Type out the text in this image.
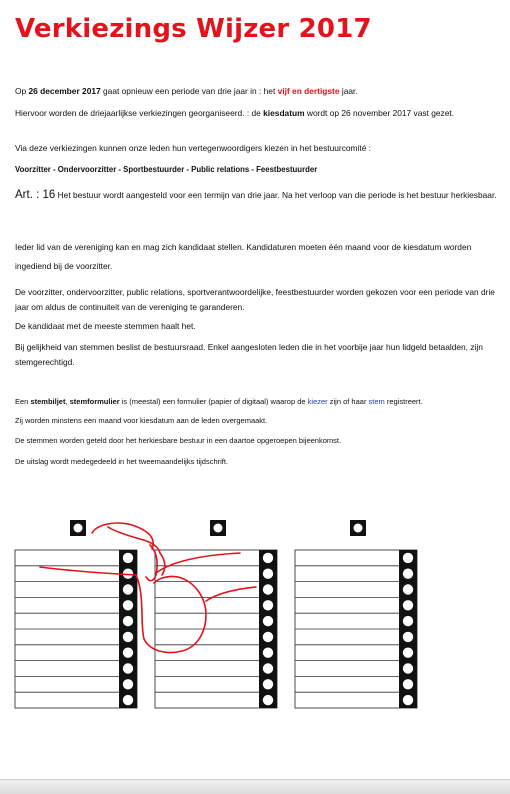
Verkiezings Wijzer 2017

Op 26 december 2017 gaat opnieuw een periode van drie jaar in : het vijf en dertigste jaar.

Hiervoor worden de driejaarlijkse verkiezingen georganiseerd. : de kiesdatum wordt op 26 november 2017 vast gezet.

Via deze verkiezingen kunnen onze leden hun vertegenwoordigers kiezen in het bestuurcomité :

Voorzitter - Ondervoorzitter - Sportbestuurder - Public relations - Feestbestuurder

Art. : 16 Het bestuur wordt aangesteld voor een termijn van drie jaar. Na het verloop van die periode is het bestuur herkiesbaar.

Ieder lid van de vereniging kan en mag zich kandidaat stellen. Kandidaturen moeten één maand voor de kiesdatum worden ingediend bij de voorzitter.

De voorzitter, ondervoorzitter, public relations, sportverantwoordelijke, feestbestuurder worden gekozen voor een periode van drie jaar om aldus de continuiteit van de vereniging te garanderen.

De kandidaat met de meeste stemmen haalt het.

Bij gelijkheid van stemmen beslist de bestuursraad. Enkel aangesloten leden die in het voorbije jaar hun lidgeld betaalden, zijn stemgerechtigd.

Een stembiljet, stemformulier is (meestal) een formulier (papier of digitaal) waarop de kiezer zijn of haar stem registreert.

Zij worden minstens een maand voor kiesdatum aan de leden overgemaakt.

De stemmen worden geteld door het herkiesbare bestuur in een daartoe opgeroepen bijeenkomst.

De uitslag wordt medegedeeld in het tweemaandelijks tijdschrift.
